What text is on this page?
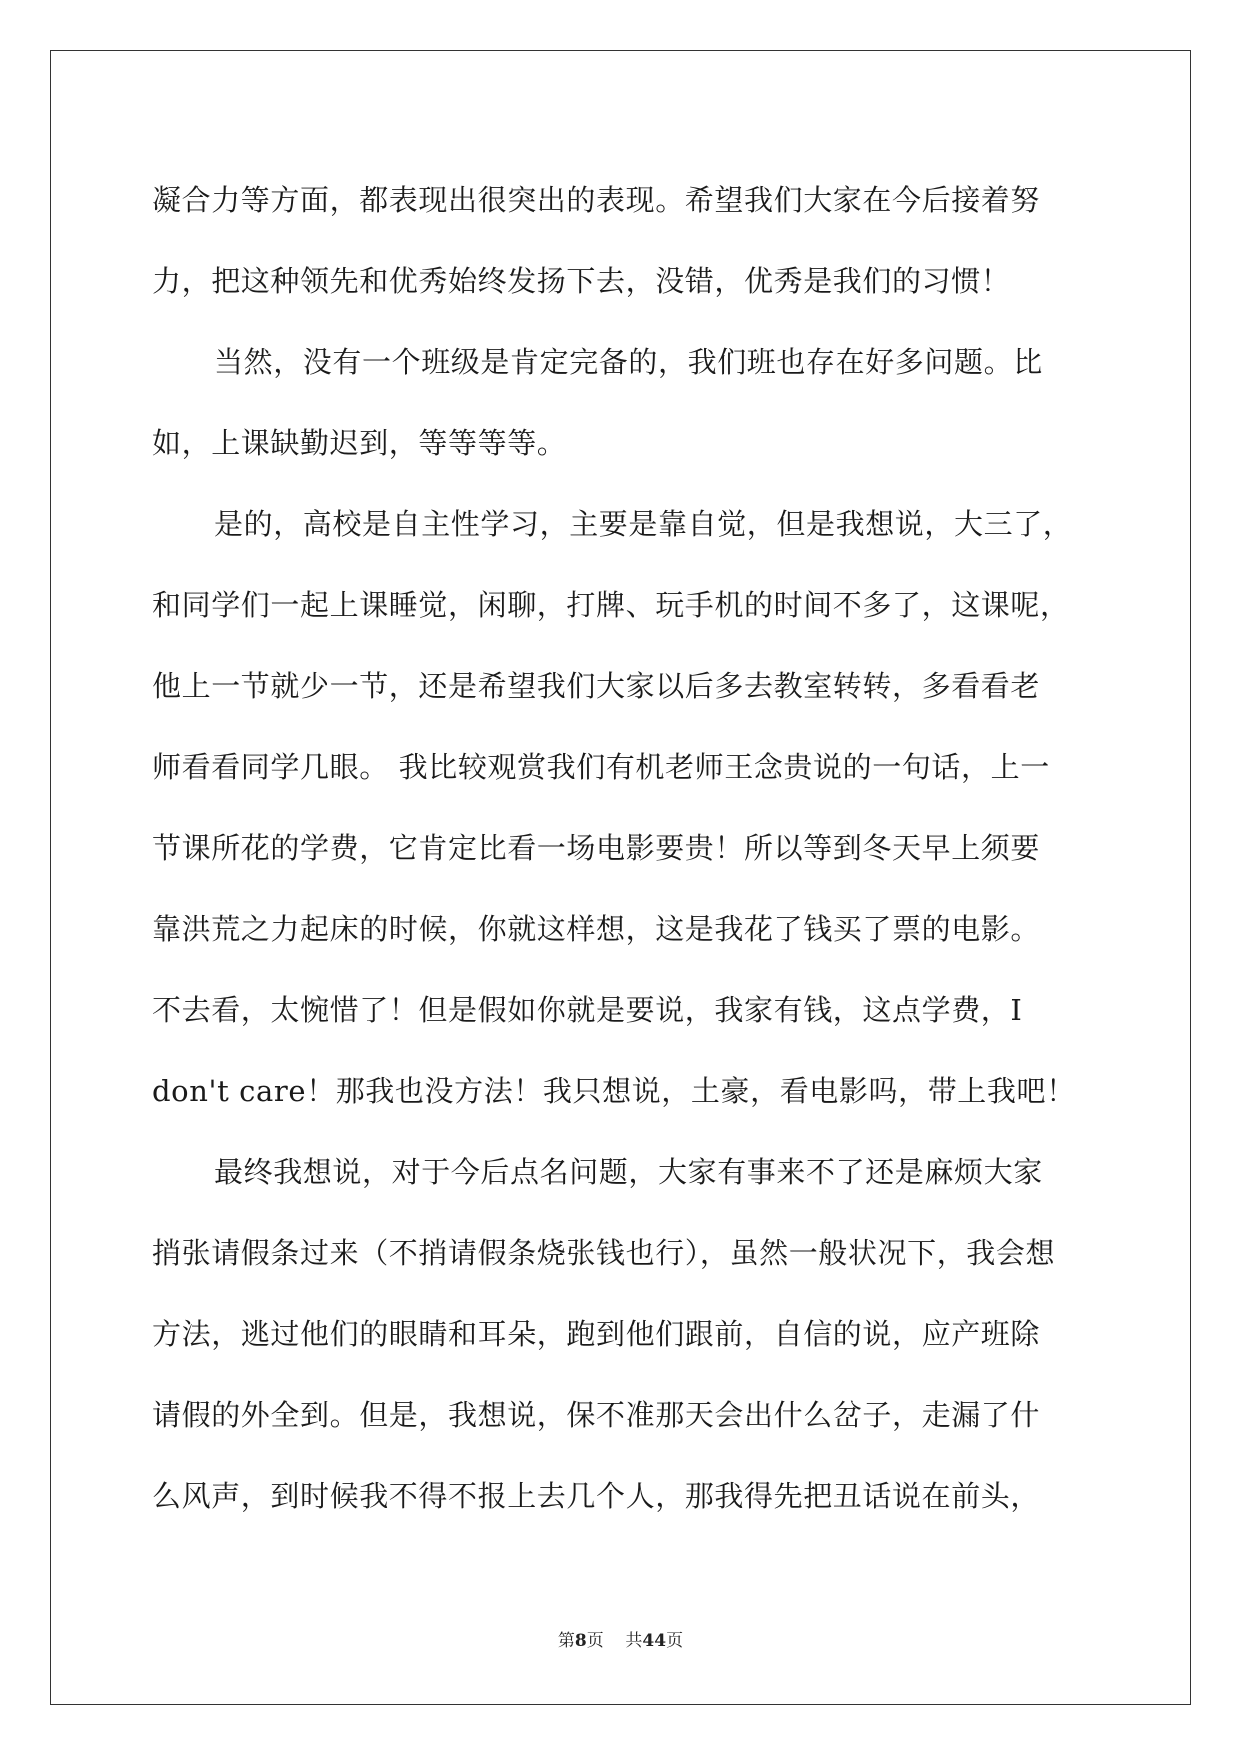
凝合力等方面，都表现出很突出的表现。希望我们大家在今后接着努
力，把这种领先和优秀始终发扬下去，没错，优秀是我们的习惯！
当然，没有一个班级是肯定完备的，我们班也存在好多问题。比
如，上课缺勤迟到，等等等等。
是的，高校是自主性学习，主要是靠自觉，但是我想说，大三了，
和同学们一起上课睡觉，闲聊，打牌、玩手机的时间不多了，这课呢，
他上一节就少一节，还是希望我们大家以后多去教室转转，多看看老
师看看同学几眼。 我比较观赏我们有机老师王念贵说的一句话，上一
节课所花的学费，它肯定比看一场电影要贵！所以等到冬天早上须要
靠洪荒之力起床的时候，你就这样想，这是我花了钱买了票的电影。
不去看，太惋惜了！但是假如你就是要说，我家有钱，这点学费，I
don't care！那我也没方法！我只想说，土豪，看电影吗，带上我吧！
最终我想说，对于今后点名问题，大家有事来不了还是麻烦大家
捎张请假条过来（不捎请假条烧张钱也行），虽然一般状况下，我会想
方法，逃过他们的眼睛和耳朵，跑到他们跟前，自信的说，应产班除
请假的外全到。但是，我想说，保不准那天会出什么岔子，走漏了什
么风声，到时候我不得不报上去几个人，那我得先把丑话说在前头，
第8页 共44页
